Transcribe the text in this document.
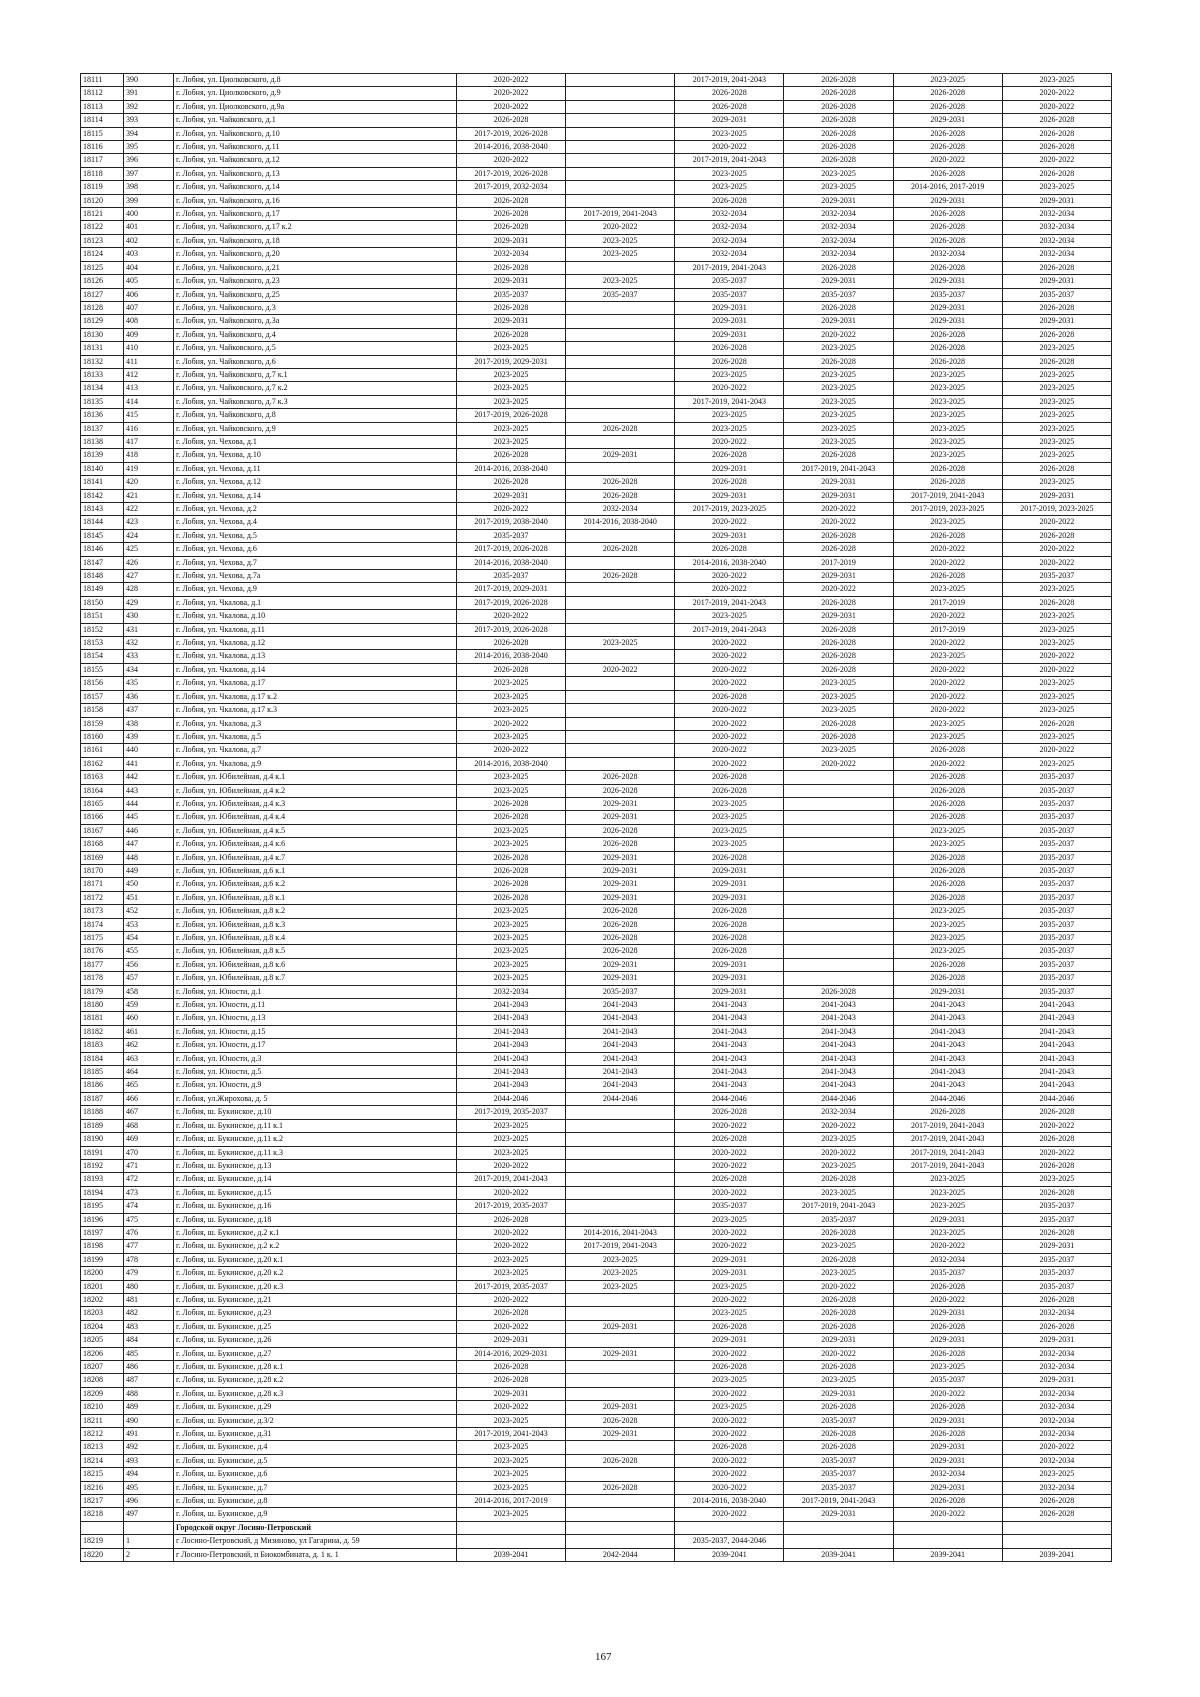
18111	390	г. Лобня, ул. Циолковского, д.8	2020-2022		2017-2019, 2041-2043	2026-2028	2023-2025	2023-2025
18112	391	г. Лобня, ул. Циолковского, д.9	2020-2022		2026-2028	2026-2028	2026-2028	2020-2022
18113	392	г. Лобня, ул. Циолковского, д.9а	2020-2022		2026-2028	2026-2028	2026-2028	2020-2022
18114	393	г. Лобня, ул. Чайковского, д.1	2026-2028		2029-2031	2026-2028	2029-2031	2026-2028
18115	394	г. Лобня, ул. Чайковского, д.10	2017-2019, 2026-2028		2023-2025	2026-2028	2026-2028	2026-2028
18116	395	г. Лобня, ул. Чайковского, д.11	2014-2016, 2038-2040		2020-2022	2026-2028	2026-2028	2026-2028
18117	396	г. Лобня, ул. Чайковского, д.12	2020-2022		2017-2019, 2041-2043	2026-2028	2020-2022	2020-2022
18118	397	г. Лобня, ул. Чайковского, д.13	2017-2019, 2026-2028		2023-2025	2023-2025	2026-2028	2026-2028
18119	398	г. Лобня, ул. Чайковского, д.14	2017-2019, 2032-2034		2023-2025	2023-2025	2014-2016, 2017-2019	2023-2025
18120	399	г. Лобня, ул. Чайковского, д.16	2026-2028		2026-2028	2029-2031	2029-2031	2029-2031
18121	400	г. Лобня, ул. Чайковского, д.17	2026-2028	2017-2019, 2041-2043	2032-2034	2032-2034	2026-2028	2032-2034
18122	401	г. Лобня, ул. Чайковского, д.17 к.2	2026-2028	2020-2022	2032-2034	2032-2034	2026-2028	2032-2034
18123	402	г. Лобня, ул. Чайковского, д.18	2029-2031	2023-2025	2032-2034	2032-2034	2026-2028	2032-2034
18124	403	г. Лобня, ул. Чайковского, д.20	2032-2034	2023-2025	2032-2034	2032-2034	2032-2034	2032-2034
18125	404	г. Лобня, ул. Чайковского, д.21	2026-2028		2017-2019, 2041-2043	2026-2028	2026-2028	2026-2028
18126	405	г. Лобня, ул. Чайковского, д.23	2029-2031	2023-2025	2035-2037	2029-2031	2029-2031	2029-2031
18127	406	г. Лобня, ул. Чайковского, д.25	2035-2037	2035-2037	2035-2037	2035-2037	2035-2037	2035-2037
18128	407	г. Лобня, ул. Чайковского, д.3	2026-2028		2029-2031	2026-2028	2029-2031	2026-2028
18129	408	г. Лобня, ул. Чайковского, д.3а	2029-2031		2029-2031	2029-2031	2029-2031	2029-2031
18130	409	г. Лобня, ул. Чайковского, д.4	2026-2028		2029-2031	2020-2022	2026-2028	2026-2028
18131	410	г. Лобня, ул. Чайковского, д.5	2023-2025		2026-2028	2023-2025	2026-2028	2023-2025
18132	411	г. Лобня, ул. Чайковского, д.6	2017-2019, 2029-2031		2026-2028	2026-2028	2026-2028	2026-2028
18133	412	г. Лобня, ул. Чайковского, д.7 к.1	2023-2025		2023-2025	2023-2025	2023-2025	2023-2025
18134	413	г. Лобня, ул. Чайковского, д.7 к.2	2023-2025		2020-2022	2023-2025	2023-2025	2023-2025
18135	414	г. Лобня, ул. Чайковского, д.7 к.3	2023-2025		2017-2019, 2041-2043	2023-2025	2023-2025	2023-2025
18136	415	г. Лобня, ул. Чайковского, д.8	2017-2019, 2026-2028		2023-2025	2023-2025	2023-2025	2023-2025
18137	416	г. Лобня, ул. Чайковского, д.9	2023-2025	2026-2028	2023-2025	2023-2025	2023-2025	2023-2025
18138	417	г. Лобня, ул. Чехова, д.1	2023-2025		2020-2022	2023-2025	2023-2025	2023-2025
18139	418	г. Лобня, ул. Чехова, д.10	2026-2028	2029-2031	2026-2028	2026-2028	2023-2025	2023-2025
18140	419	г. Лобня, ул. Чехова, д.11	2014-2016, 2038-2040		2029-2031	2017-2019, 2041-2043	2026-2028	2026-2028
18141	420	г. Лобня, ул. Чехова, д.12	2026-2028	2026-2028	2026-2028	2029-2031	2026-2028	2023-2025
18142	421	г. Лобня, ул. Чехова, д.14	2029-2031	2026-2028	2029-2031	2029-2031	2017-2019, 2041-2043	2029-2031
18143	422	г. Лобня, ул. Чехова, д.2	2020-2022	2032-2034	2017-2019, 2023-2025	2020-2022	2017-2019, 2023-2025	2017-2019, 2023-2025
18144	423	г. Лобня, ул. Чехова, д.4	2017-2019, 2038-2040	2014-2016, 2038-2040	2020-2022	2020-2022	2023-2025	2020-2022
18145	424	г. Лобня, ул. Чехова, д.5	2035-2037		2029-2031	2026-2028	2026-2028	2026-2028
18146	425	г. Лобня, ул. Чехова, д.6	2017-2019, 2026-2028	2026-2028	2026-2028	2026-2028	2020-2022	2020-2022
18147	426	г. Лобня, ул. Чехова, д.7	2014-2016, 2038-2040		2014-2016, 2038-2040	2017-2019	2020-2022	2020-2022
18148	427	г. Лобня, ул. Чехова, д.7а	2035-2037	2026-2028	2020-2022	2029-2031	2026-2028	2035-2037
18149	428	г. Лобня, ул. Чехова, д.9	2017-2019, 2029-2031		2020-2022	2020-2022	2023-2025	2023-2025
18150	429	г. Лобня, ул. Чкалова, д.1	2017-2019, 2026-2028		2017-2019, 2041-2043	2026-2028	2017-2019	2026-2028
18151	430	г. Лобня, ул. Чкалова, д.10	2020-2022		2023-2025	2029-2031	2020-2022	2023-2025
18152	431	г. Лобня, ул. Чкалова, д.11	2017-2019, 2026-2028		2017-2019, 2041-2043	2026-2028	2017-2019	2023-2025
18153	432	г. Лобня, ул. Чкалова, д.12	2026-2028	2023-2025	2020-2022	2026-2028	2020-2022	2023-2025
18154	433	г. Лобня, ул. Чкалова, д.13	2014-2016, 2038-2040		2020-2022	2026-2028	2023-2025	2020-2022
18155	434	г. Лобня, ул. Чкалова, д.14	2026-2028	2020-2022	2020-2022	2026-2028	2020-2022	2020-2022
18156	435	г. Лобня, ул. Чкалова, д.17	2023-2025		2020-2022	2023-2025	2020-2022	2023-2025
18157	436	г. Лобня, ул. Чкалова, д.17 к.2	2023-2025		2026-2028	2023-2025	2020-2022	2023-2025
18158	437	г. Лобня, ул. Чкалова, д.17 к.3	2023-2025		2020-2022	2023-2025	2020-2022	2023-2025
18159	438	г. Лобня, ул. Чкалова, д.3	2020-2022		2020-2022	2026-2028	2023-2025	2026-2028
18160	439	г. Лобня, ул. Чкалова, д.5	2023-2025		2020-2022	2026-2028	2023-2025	2023-2025
18161	440	г. Лобня, ул. Чкалова, д.7	2020-2022		2020-2022	2023-2025	2026-2028	2020-2022
18162	441	г. Лобня, ул. Чкалова, д.9	2014-2016, 2038-2040		2020-2022	2020-2022	2020-2022	2023-2025
18163	442	г. Лобня, ул. Юбилейная, д.4 к.1	2023-2025	2026-2028	2026-2028		2026-2028	2035-2037
18164	443	г. Лобня, ул. Юбилейная, д.4 к.2	2023-2025	2026-2028	2026-2028		2026-2028	2035-2037
18165	444	г. Лобня, ул. Юбилейная, д.4 к.3	2026-2028	2029-2031	2023-2025		2026-2028	2035-2037
18166	445	г. Лобня, ул. Юбилейная, д.4 к.4	2026-2028	2029-2031	2023-2025		2026-2028	2035-2037
18167	446	г. Лобня, ул. Юбилейная, д.4 к.5	2023-2025	2026-2028	2023-2025		2023-2025	2035-2037
18168	447	г. Лобня, ул. Юбилейная, д.4 к.6	2023-2025	2026-2028	2023-2025		2023-2025	2035-2037
18169	448	г. Лобня, ул. Юбилейная, д.4 к.7	2026-2028	2029-2031	2026-2028		2026-2028	2035-2037
18170	449	г. Лобня, ул. Юбилейная, д.6 к.1	2026-2028	2029-2031	2029-2031		2026-2028	2035-2037
18171	450	г. Лобня, ул. Юбилейная, д.6 к.2	2026-2028	2029-2031	2029-2031		2026-2028	2035-2037
18172	451	г. Лобня, ул. Юбилейная, д.8 к.1	2026-2028	2029-2031	2029-2031		2026-2028	2035-2037
18173	452	г. Лобня, ул. Юбилейная, д.8 к.2	2023-2025	2026-2028	2026-2028		2023-2025	2035-2037
18174	453	г. Лобня, ул. Юбилейная, д.8 к.3	2023-2025	2026-2028	2026-2028		2023-2025	2035-2037
18175	454	г. Лобня, ул. Юбилейная, д.8 к.4	2023-2025	2026-2028	2026-2028		2023-2025	2035-2037
18176	455	г. Лобня, ул. Юбилейная, д.8 к.5	2023-2025	2026-2028	2026-2028		2023-2025	2035-2037
18177	456	г. Лобня, ул. Юбилейная, д.8 к.6	2023-2025	2029-2031	2029-2031		2026-2028	2035-2037
18178	457	г. Лобня, ул. Юбилейная, д.8 к.7	2023-2025	2029-2031	2029-2031		2026-2028	2035-2037
18179	458	г. Лобня, ул. Юности, д.1	2032-2034	2035-2037	2029-2031	2026-2028	2029-2031	2035-2037
18180	459	г. Лобня, ул. Юности, д.11	2041-2043	2041-2043	2041-2043	2041-2043	2041-2043	2041-2043
18181	460	г. Лобня, ул. Юности, д.13	2041-2043	2041-2043	2041-2043	2041-2043	2041-2043	2041-2043
18182	461	г. Лобня, ул. Юности, д.15	2041-2043	2041-2043	2041-2043	2041-2043	2041-2043	2041-2043
18183	462	г. Лобня, ул. Юности, д.17	2041-2043	2041-2043	2041-2043	2041-2043	2041-2043	2041-2043
18184	463	г. Лобня, ул. Юности, д.3	2041-2043	2041-2043	2041-2043	2041-2043	2041-2043	2041-2043
18185	464	г. Лобня, ул. Юности, д.5	2041-2043	2041-2043	2041-2043	2041-2043	2041-2043	2041-2043
18186	465	г. Лобня, ул. Юности, д.9	2041-2043	2041-2043	2041-2043	2041-2043	2041-2043	2041-2043
18187	466	г. Лобня, ул.Жирохова, д. 5	2044-2046	2044-2046	2044-2046	2044-2046	2044-2046	2044-2046
18188	467	г. Лобня, ш. Букинское, д.10	2017-2019, 2035-2037		2026-2028	2032-2034	2026-2028	2026-2028
18189	468	г. Лобня, ш. Букинское, д.11 к.1	2023-2025		2020-2022	2020-2022	2017-2019, 2041-2043	2020-2022
18190	469	г. Лобня, ш. Букинское, д.11 к.2	2023-2025		2026-2028	2023-2025	2017-2019, 2041-2043	2026-2028
18191	470	г. Лобня, ш. Букинское, д.11 к.3	2023-2025		2020-2022	2020-2022	2017-2019, 2041-2043	2020-2022
18192	471	г. Лобня, ш. Букинское, д.13	2020-2022		2020-2022	2023-2025	2017-2019, 2041-2043	2026-2028
18193	472	г. Лобня, ш. Букинское, д.14	2017-2019, 2041-2043		2026-2028	2026-2028	2023-2025	2023-2025
18194	473	г. Лобня, ш. Букинское, д.15	2020-2022		2020-2022	2023-2025	2023-2025	2026-2028
18195	474	г. Лобня, ш. Букинское, д.16	2017-2019, 2035-2037		2035-2037	2017-2019, 2041-2043	2023-2025	2035-2037
18196	475	г. Лобня, ш. Букинское, д.18	2026-2028		2023-2025	2035-2037	2029-2031	2035-2037
18197	476	г. Лобня, ш. Букинское, д.2 к.1	2020-2022	2014-2016, 2041-2043	2020-2022	2026-2028	2023-2025	2026-2028
18198	477	г. Лобня, ш. Букинское, д.2 к.2	2020-2022	2017-2019, 2041-2043	2020-2022	2023-2025	2020-2022	2029-2031
18199	478	г. Лобня, ш. Букинское, д.20 к.1	2023-2025	2023-2025	2029-2031	2026-2028	2032-2034	2035-2037
18200	479	г. Лобня, ш. Букинское, д.20 к.2	2023-2025	2023-2025	2029-2031	2023-2025	2035-2037	2035-2037
18201	480	г. Лобня, ш. Букинское, д.20 к.3	2017-2019, 2035-2037	2023-2025	2023-2025	2020-2022	2026-2028	2035-2037
18202	481	г. Лобня, ш. Букинское, д.21	2020-2022		2020-2022	2026-2028	2020-2022	2026-2028
18203	482	г. Лобня, ш. Букинское, д.23	2026-2028		2023-2025	2026-2028	2029-2031	2032-2034
18204	483	г. Лобня, ш. Букинское, д.25	2020-2022	2029-2031	2026-2028	2026-2028	2026-2028	2026-2028
18205	484	г. Лобня, ш. Букинское, д.26	2029-2031		2029-2031	2029-2031	2029-2031	2029-2031
18206	485	г. Лобня, ш. Букинское, д.27	2014-2016, 2029-2031	2029-2031	2020-2022	2020-2022	2026-2028	2032-2034
18207	486	г. Лобня, ш. Букинское, д.28 к.1	2026-2028		2026-2028	2026-2028	2023-2025	2032-2034
18208	487	г. Лобня, ш. Букинское, д.28 к.2	2026-2028		2023-2025	2023-2025	2035-2037	2029-2031
18209	488	г. Лобня, ш. Букинское, д.28 к.3	2029-2031		2020-2022	2029-2031	2020-2022	2032-2034
18210	489	г. Лобня, ш. Букинское, д.29	2020-2022	2029-2031	2023-2025	2026-2028	2026-2028	2032-2034
18211	490	г. Лобня, ш. Букинское, д.3/2	2023-2025	2026-2028	2020-2022	2035-2037	2029-2031	2032-2034
18212	491	г. Лобня, ш. Букинское, д.31	2017-2019, 2041-2043	2029-2031	2020-2022	2026-2028	2026-2028	2032-2034
18213	492	г. Лобня, ш. Букинское, д.4	2023-2025		2026-2028	2026-2028	2029-2031	2020-2022
18214	493	г. Лобня, ш. Букинское, д.5	2023-2025	2026-2028	2020-2022	2035-2037	2029-2031	2032-2034
18215	494	г. Лобня, ш. Букинское, д.6	2023-2025		2020-2022	2035-2037	2032-2034	2023-2025
18216	495	г. Лобня, ш. Букинское, д.7	2023-2025	2026-2028	2020-2022	2035-2037	2029-2031	2032-2034
18217	496	г. Лобня, ш. Букинское, д.8	2014-2016, 2017-2019		2014-2016, 2038-2040	2017-2019, 2041-2043	2026-2028	2026-2028
18218	497	г. Лобня, ш. Букинское, д.9	2023-2025		2020-2022	2029-2031	2020-2022	2026-2028
		Городской округ Лосино-Петровский						
18219	1	г Лосино-Петровский, д Мизиново, ул Гагарина, д. 59			2035-2037, 2044-2046			
18220	2	г Лосино-Петровский, п Биокомбината, д. 1 к. 1	2039-2041	2042-2044	2039-2041	2039-2041	2039-2041	2039-2041
167
